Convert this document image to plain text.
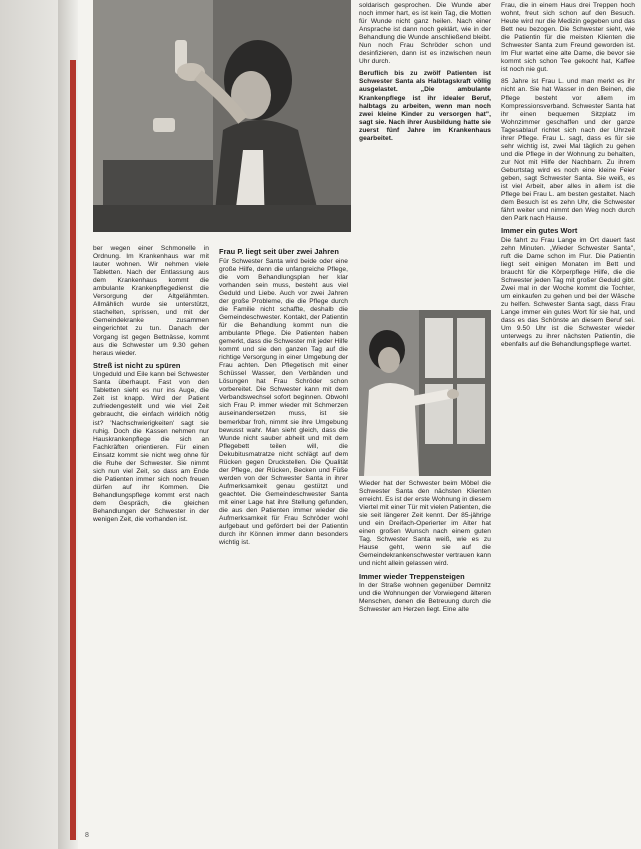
ber wegen einer Schmonelle in Ordnung. Im Krankenhaus war mit lauter wohnen. Wir nehmen viele Tabletten. Nach der Entlassung aus dem Krankenhaus kommt die ambulante Krankenpflegedienst die Versorgung der Altgelähmten. Allmählich wurde sie unterstützt, stachelten, sprissen, und mit der Gemeindekranke zusammen eingerichtet zu tun. Danach der Vorgang ist gegen Bettnässe, kommt aus die Schwester um 9.30 gehen heraus wieder.

Streß ist nicht zu spüren

Ungeduld und Eile kann bei Schwester Santa überhaupt. Fast von den Tabletten sieht es nur ins Auge, die Zeit ist knapp. Wird der Patient zufriedengestellt und wie viel Zeit gebraucht, die einfach wirklich nötig ist? 'Nachschwierigkeiten' sagt sie ruhig. Doch die Kassen nehmen nur Hauskrankenpflege die sich an Fachkräften orientieren. Für einen Einsatz kommt sie nicht weg ohne für die Ruhe der Schwester. Sie nimmt sich nun viel Zeit, so dass am Ende die Patienten immer sich noch freuen dürfen auf ihr Kommen. Die Behandlungspflege kommt erst nach dem Gespräch, die gleichen Behandlungen der Schwester in der wenigen Zeit, die vorhanden ist.

Frau P. liegt seit über zwei Jahren

Für Schwester Santa wird beide oder eine große Hilfe, denn die unfangreiche Pflege, die vom Behandlungsplan her klar vorhanden sein muss, besteht aus viel Geduld und Liebe. Auch vor zwei Jahren der große Probleme, die die Pflege durch die Familie nicht schaffte, deshalb die Gemeindeschwester. Kontakt, der Patientin für die Behandlung kommt nun die ambulante Pflege. Die Patienten haben gemerkt, dass die Schwester mit jeder Hilfe kommt und sie den ganzen Tag auf die richtige Versorgung in einer Umgebung der Frau achten. Den Pflegetisch mit einer Schüssel Wasser, den Verbänden und Lösungen hat Frau Schröder schon vorbereitet. Die Schwester kann mit dem Verbandswechsel sofort beginnen. Obwohl sich Frau P. immer wieder mit Schmerzen auseinandersetzen muss, ist sie bemerkbar froh, nimmt sie ihre Umgebung bewusst wahr. Man sieht gleich, dass die Wunde nicht sauber abheilt und mit dem Pflegebett teilen will, die Dekubitusmatratze nicht schlägt auf dem Rücken gegen Druckstellen. Die Qualität der Pflege, der Rücken, Becken und Füße werden von der Schwester Santa in ihrer Aufmerksamkeit genau gestützt und geachtet. Die Gemeindeschwester Santa mit einer Lage hat ihre Stellung gefunden, die aus den Patienten immer wieder die Aufmerksamkeit für Frau Schröder wohl aufgebaut und gefördert bei der Patientin durch ihr Können immer dann besonders wichtig ist.

soldarisch gesprochen. Die Wunde aber noch immer hart, es ist kein Tag, die Motten für Wunde nicht ganz heilen. Nach einer Ansprache ist dann noch geklärt, wie in der Behandlung die Wunde anschließend bleibt. Nun noch Frau Schröder schon und desinfizieren, dann ist es inzwischen neun Uhr durch.

Beruflich bis zu zwölf Patienten ist Schwester Santa als Halbtagskraft völlig ausgelastet. „Die ambulante Krankenpflege ist ihr idealer Beruf, halbtags zu arbeiten, wenn man noch zwei kleine Kinder zu versorgen hat", sagt sie. Nach ihrer Ausbildung hatte sie zuerst fünf Jahre im Krankenhaus gearbeitet.

Wieder hat der Schwester beim Möbel die Schwester Santa den nächsten Klienten erreicht. Es ist der erste Wohnung in diesem Viertel mit einer Tür mit vielen Patienten, die sie seit längerer Zeit kennt. Der 85-jährige und ein Dreifach-Operierter im Alter hat einen großen Wunsch nach einem guten Tag. Schwester Santa weiß, wie es zu Hause geht, wenn sie auf die Gemeindekrankenschwester vertrauen kann und nicht allein gelassen wird.

Immer wieder Treppensteigen

In der Straße wohnen gegenüber Demnitz und die Wohnungen der Vorwiegend älteren Menschen, denen die Betreuung durch die Schwester am Herzen liegt. Eine alte

Frau, die in einem Haus drei Treppen hoch wohnt, freut sich schon auf den Besuch. Heute wird nur die Medizin gegeben und das Bett neu bezogen. Die Schwester sieht, wie die Patientin für die meisten Klienten die Schwester Santa zum Freund geworden ist. Im Flur wartet eine alte Dame, die bevor sie kommt sich schon Tee gekocht hat, Kaffee ist noch nie gut.

85 Jahre ist Frau L. und man merkt es ihr nicht an. Sie hat Wasser in den Beinen, die Pflege besteht vor allem im Kompressionsverband. Schwester Santa hat ihr einen bequemen Sitzplatz im Wohnzimmer geschaffen und der ganze Tagesablauf richtet sich nach der Uhrzeit ihrer Pflege. Frau L. sagt, dass es für sie sehr wichtig ist, zwei Mal täglich zu gehen und die Pflege in der Wohnung zu behalten, zur Not mit Hilfe der Nachbarn. Zu ihrem Geburtstag wird es noch eine kleine Feier geben, sagt Schwester Santa. Sie weiß, es ist viel Arbeit, aber alles in allem ist die Pflege bei Frau L. am besten gestaltet. Nach dem Besuch ist es zehn Uhr, die Schwester fährt weiter und nimmt den Weg noch durch den Park nach Hause.

Immer ein gutes Wort

Die fahrt zu Frau Lange im Ort dauert fast zehn Minuten. „Wieder Schwester Santa", ruft die Dame schon im Flur. Die Patientin liegt seit einigen Monaten im Bett und braucht für die Körperpflege Hilfe, die die Schwester jeden Tag mit großer Geduld gibt. Zwei mal in der Woche kommt die Tochter, um einkaufen zu gehen und bei der Wäsche zu helfen. Schwester Santa sagt, dass Frau Lange immer ein gutes Wort für sie hat, und dass es das Schönste an diesem Beruf sei. Um 9.50 Uhr ist die Schwester wieder unterwegs zu ihrer nächsten Patientin, die ebenfalls auf die Behandlungspflege wartet.

8
